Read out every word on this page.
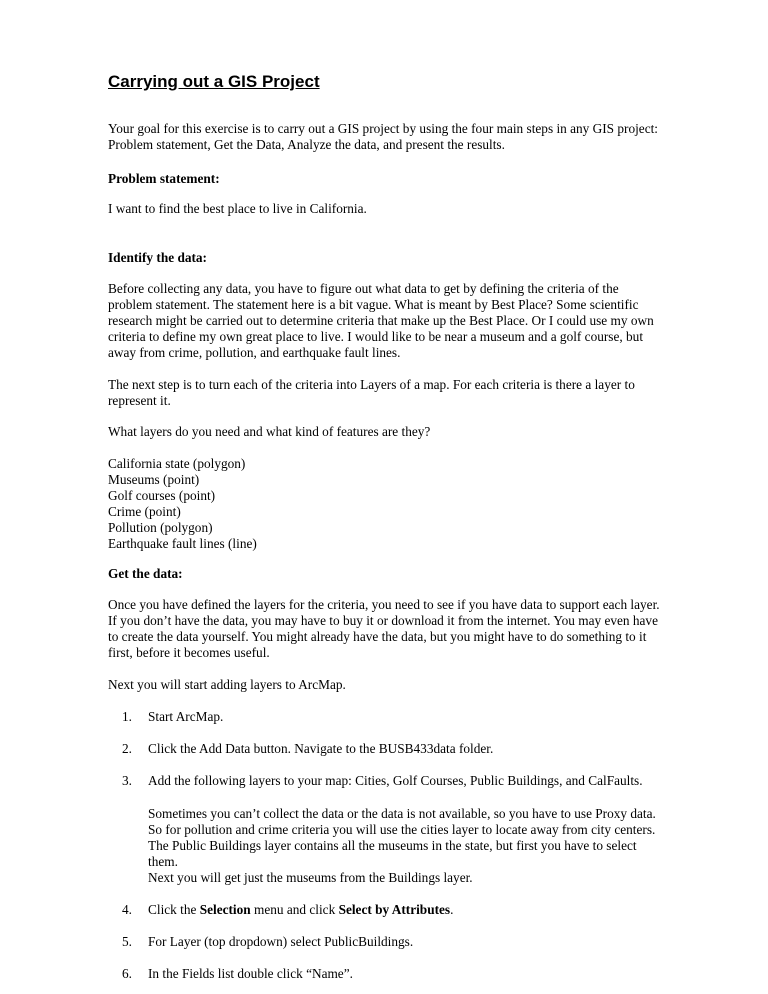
Carrying out a GIS Project

Your goal for this exercise is to carry out a GIS project by using the four main steps in any GIS project: Problem statement, Get the Data, Analyze the data, and present the results.

Problem statement:

I want to find the best place to live in California.

Identify the data:

Before collecting any data, you have to figure out what data to get by defining the criteria of the problem statement. The statement here is a bit vague. What is meant by Best Place? Some scientific research might be carried out to determine criteria that make up the Best Place. Or I could use my own criteria to define my own great place to live. I would like to be near a museum and a golf course, but away from crime, pollution, and earthquake fault lines.

The next step is to turn each of the criteria into Layers of a map. For each criteria is there a layer to represent it.

What layers do you need and what kind of features are they?

California state (polygon)
Museums (point)
Golf courses (point)
Crime (point)
Pollution (polygon)
Earthquake fault lines (line)

Get the data:

Once you have defined the layers for the criteria, you need to see if you have data to support each layer. If you don’t have the data, you may have to buy it or download it from the internet. You may even have to create the data yourself. You might already have the data, but you might have to do something to it first, before it becomes useful.

Next you will start adding layers to ArcMap.

1. Start ArcMap.
2. Click the Add Data button. Navigate to the BUSB433data folder.
3. Add the following layers to your map: Cities, Golf Courses, Public Buildings, and CalFaults.

Sometimes you can’t collect the data or the data is not available, so you have to use Proxy data. So for pollution and crime criteria you will use the cities layer to locate away from city centers. The Public Buildings layer contains all the museums in the state, but first you have to select them.

Next you will get just the museums from the Buildings layer.

4. Click the Selection menu and click Select by Attributes.
5. For Layer (top dropdown) select PublicBuildings.
6. In the Fields list double click “Name”.
